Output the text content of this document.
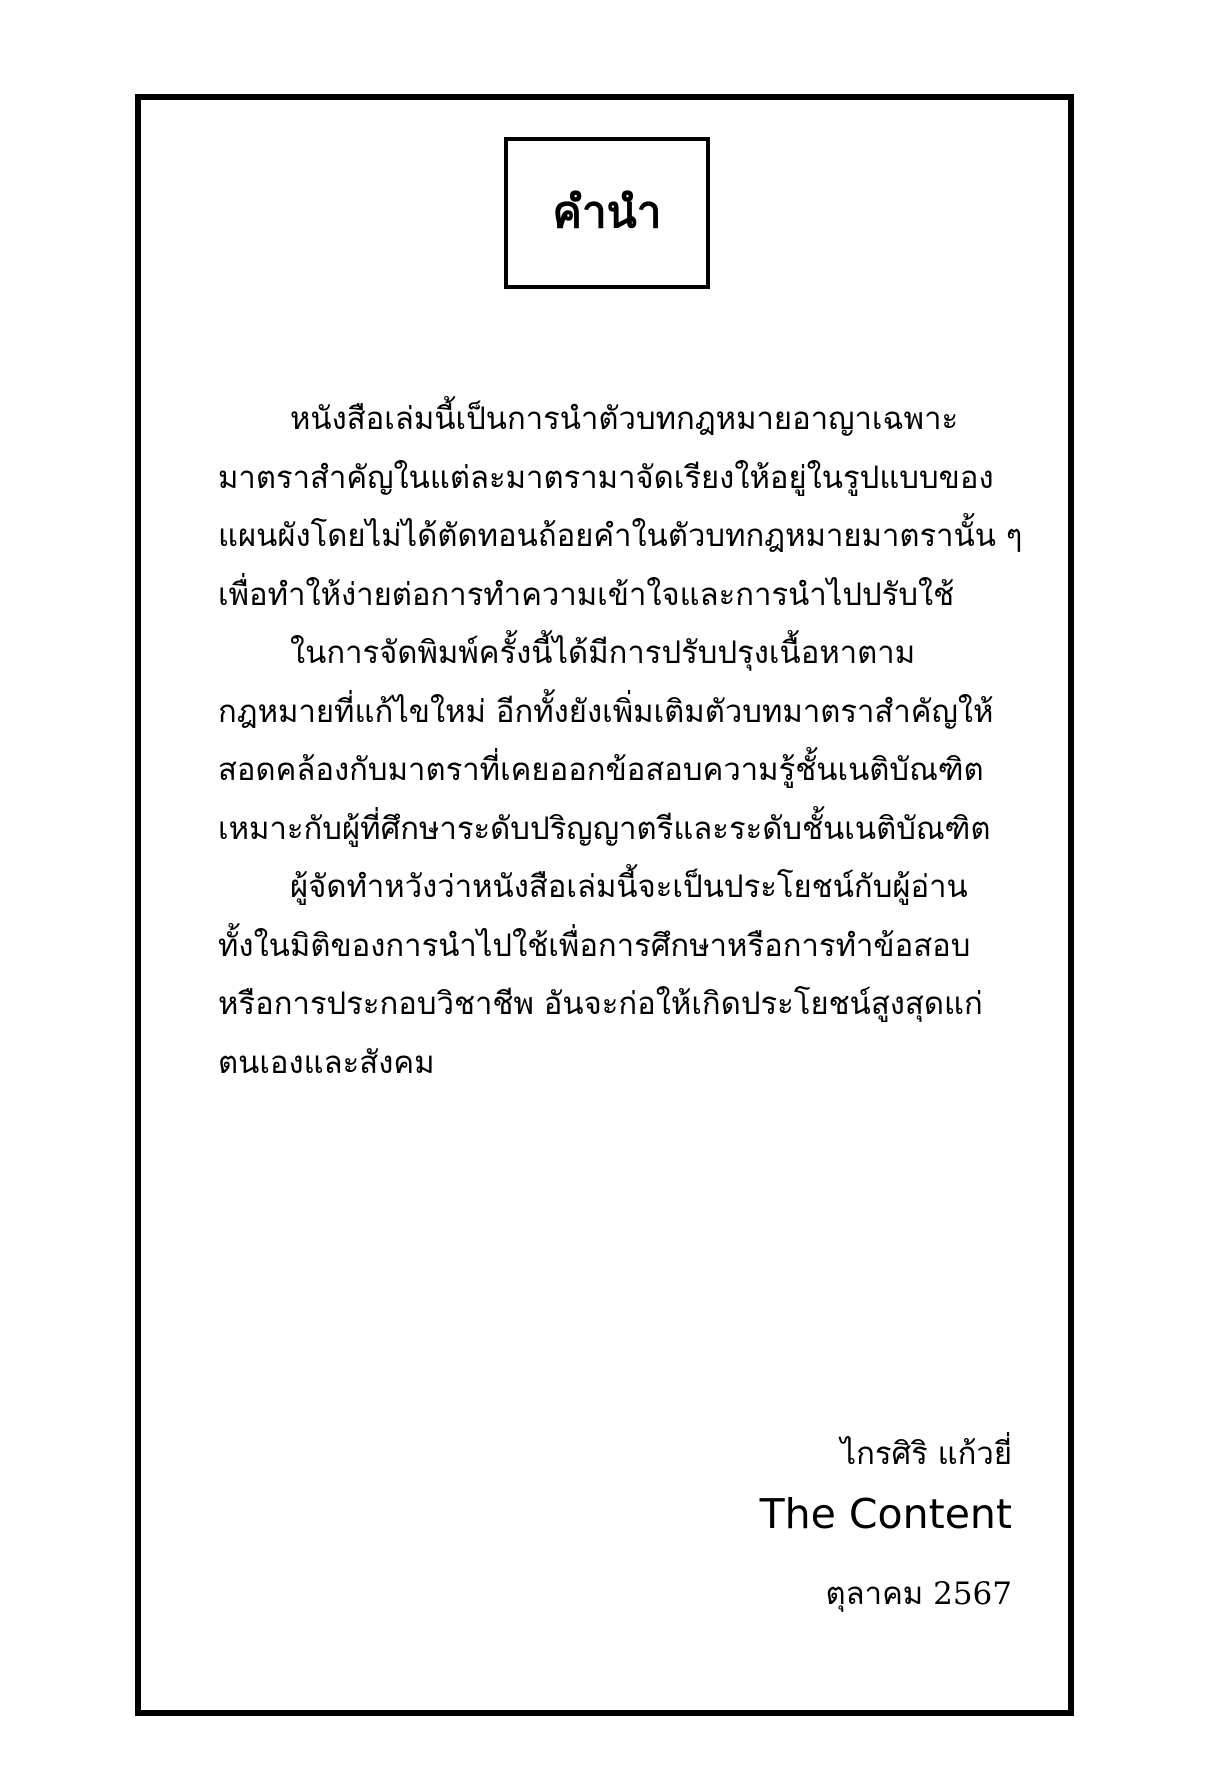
คำนำ
หนังสือเล่มนี้เป็นการนำตัวบทกฎหมายอาญาเฉพาะ
มาตราสำคัญในแต่ละมาตรามาจัดเรียงให้อยู่ในรูปแบบของ
แผนผังโดยไม่ได้ตัดทอนถ้อยคำในตัวบทกฎหมายมาตรานั้น ๆ
เพื่อทำให้ง่ายต่อการทำความเข้าใจและการนำไปปรับใช้
ในการจัดพิมพ์ครั้งนี้ได้มีการปรับปรุงเนื้อหาตาม
กฎหมายที่แก้ไขใหม่ อีกทั้งยังเพิ่มเติมตัวบทมาตราสำคัญให้
สอดคล้องกับมาตราที่เคยออกข้อสอบความรู้ชั้นเนติบัณฑิต
เหมาะกับผู้ที่ศึกษาระดับปริญญาตรีและระดับชั้นเนติบัณฑิต
ผู้จัดทำหวังว่าหนังสือเล่มนี้จะเป็นประโยชน์กับผู้อ่าน
ทั้งในมิติของการนำไปใช้เพื่อการศึกษาหรือการทำข้อสอบ
หรือการประกอบวิชาชีพ อันจะก่อให้เกิดประโยชน์สูงสุดแก่
ตนเองและสังคม
ไกรศิริ แก้วยี่
The Content
ตุลาคม 2567
